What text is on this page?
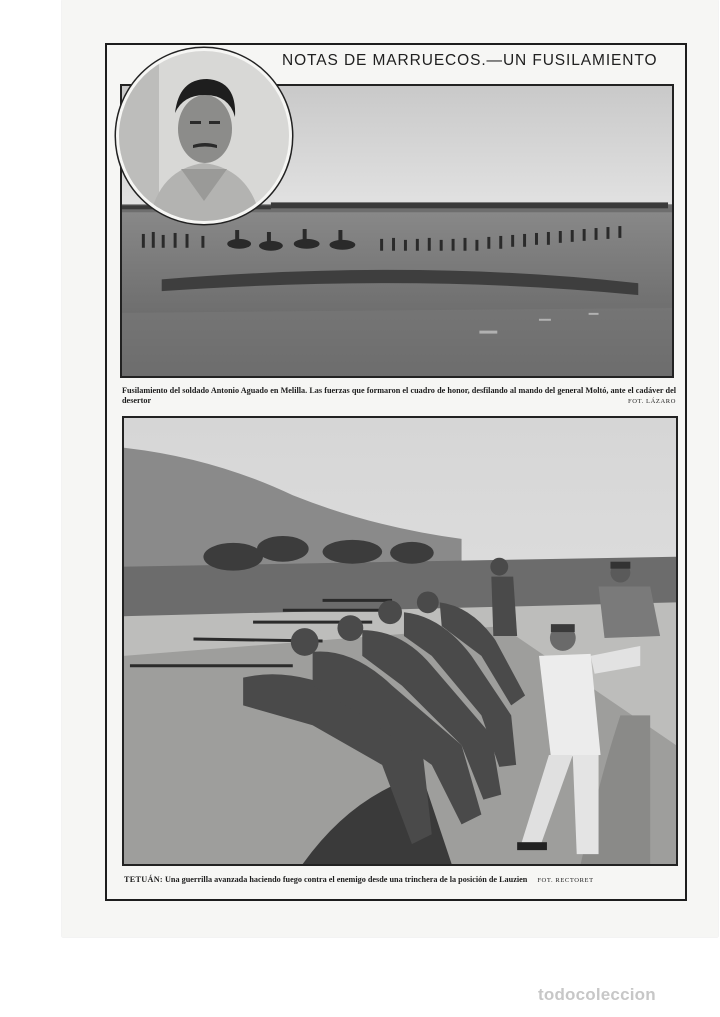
NOTAS DE MARRUECOS.—UN FUSILAMIENTO
Fusilamiento del soldado Antonio Aguado en Melilla. Las fuerzas que formaron el cuadro de honor, desfilando al mando del general Moltó, ante el cadáver del desertor	FOT. LÁZARO
TETUÁN: Una guerrilla avanzada haciendo fuego contra el enemigo desde una trinchera de la posición de Lauzien FOT. RECTORET
todocoleccion
